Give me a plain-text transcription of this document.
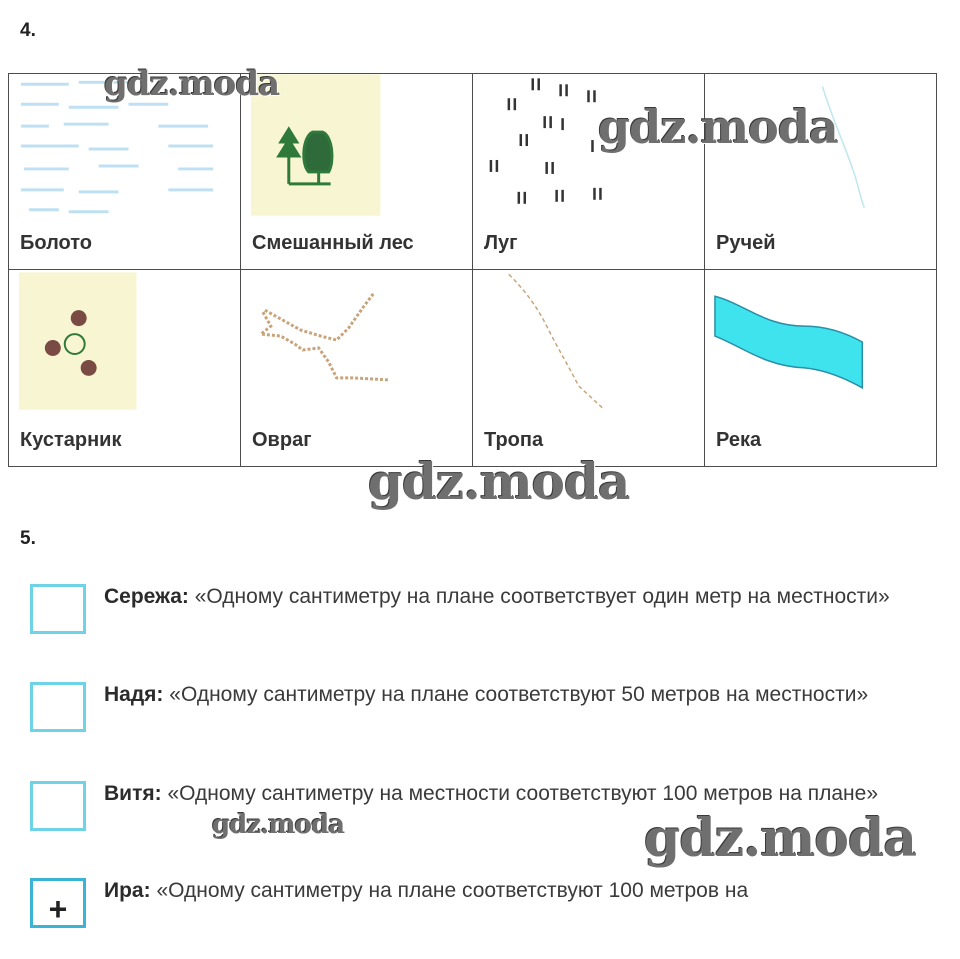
4.
Болото	Смешанный лес	Луг	Ручей

Кустарник	Овраг	Тропа	Река
5.
Сережа: «Одному сантиметру на плане соответствует один метр на местности»
Надя: «Одному сантиметру на плане соответствуют 50 метров на местности»
Витя: «Одному сантиметру на местности соответствуют 100 метров на плане»
+
Ира: «Одному сантиметру на плане соответствуют 100 метров на
gdz.moda
gdz.moda
gdz.moda
gdz.moda	gdz.moda
